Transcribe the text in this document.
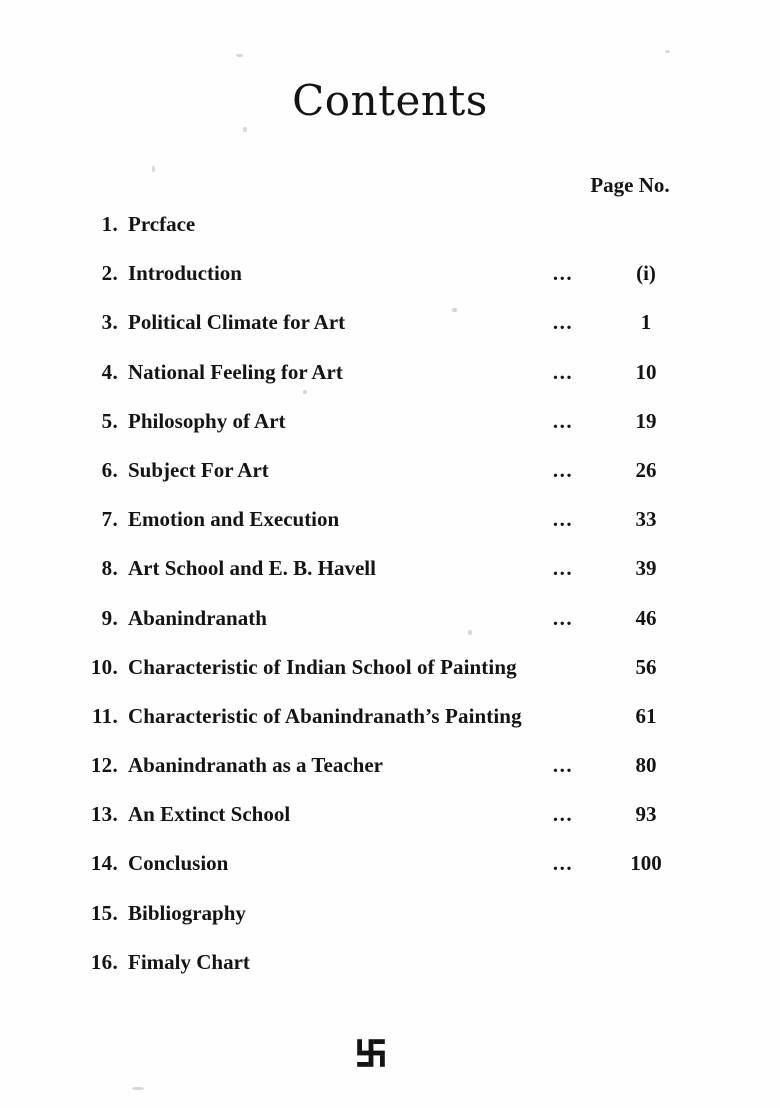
Contents
Page No.
1. Prcface
2. Introduction	...	(i)
3. Political Climate for Art	...	1
4. National Feeling for Art	...	10
5. Philosophy of Art	...	19
6. Subject For Art	...	26
7. Emotion and Execution	...	33
8. Art School and E. B. Havell	...	39
9. Abanindranath	...	46
10. Characteristic of Indian School of Painting	56
11. Characteristic of Abanindranath’s Painting	61
12. Abanindranath as a Teacher	...	80
13. An Extinct School	...	93
14. Conclusion	...	100
15. Bibliography
16. Fimaly Chart
